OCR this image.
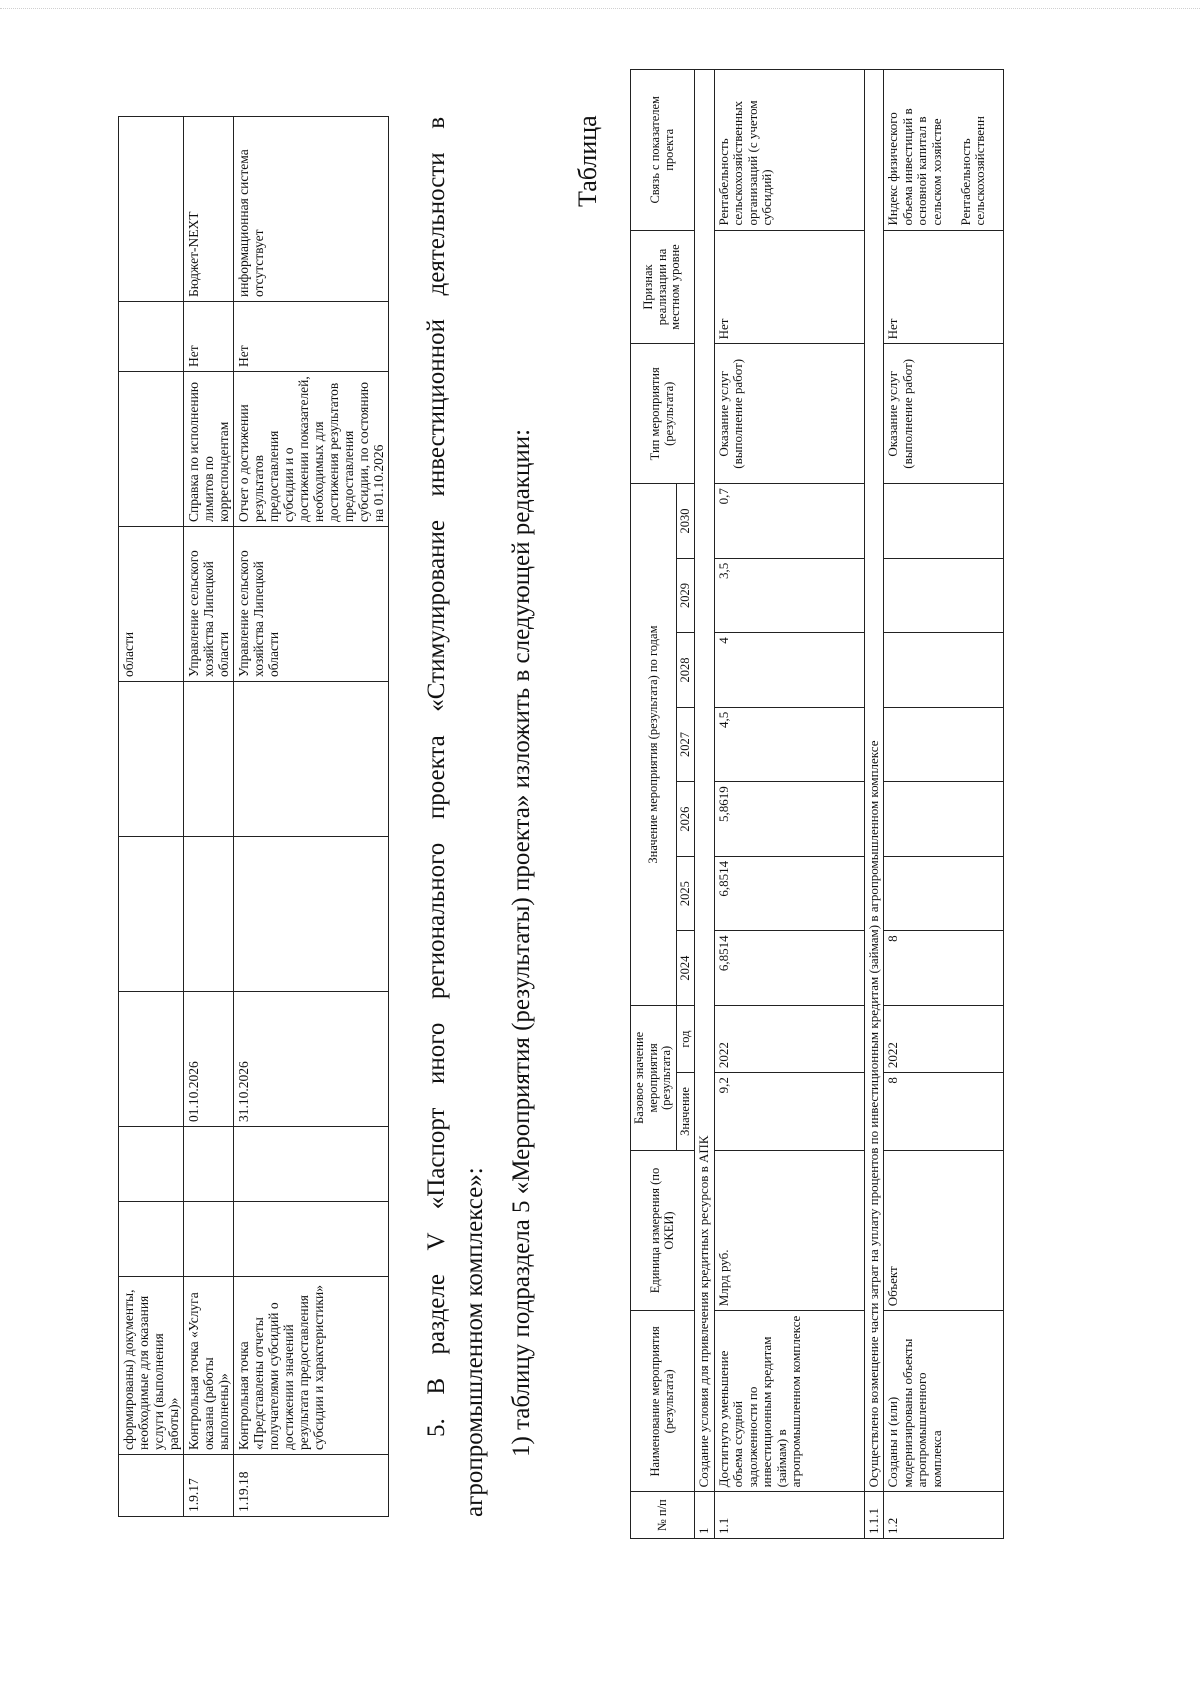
	сформированы) документы, необходимые для оказания услуги (выполнения работы)»						области			
1.9.17	Контрольная точка «Услуга оказана (работы выполнены)»			01.10.2026			Управление сельского хозяйства Липецкой области	Справка по исполнению лимитов по корреспондентам	Нет	Бюджет-NEXT
1.19.18	Контрольная точка «Представлены отчеты получателями субсидий о достижении значений результата предоставления субсидии и характеристики»			31.10.2026			Управление сельского хозяйства Липецкой области	Отчет о достижении результатов предоставления субсидии и о достижении показателей, необходимых для достижения результатов предоставления субсидии, по состоянию на 01.10.2026	Нет	информационная система отсутствует	5. В разделе V «Паспорт иного регионального проекта «Стимулирование инвестиционной деятельности в агропромышленном комплексе»: 1) таблицу подраздела 5 «Мероприятия (результаты) проекта» изложить в следующей редакции:
Таблица
№ п/п	Наименование мероприятия (результата)	Единица измерения (по ОКЕИ)	Базовое значение мероприятия (результата)		Значение мероприятия (результата) по годам							Тип мероприятия (результата)	Признак реализации на местном уровне	Связь с показателем проекта
			Значение	год	2024	2025	2026	2027	2028	2029	2030			
1	Создание условия для привлечения кредитных ресурсов в АПК													
1.1	Достигнуто уменьшение объема ссудной задолженности по инвестиционным кредитам (займам) в агропромышленном комплексе	Млрд руб.	9,2	2022	6,8514	6,8514	5,8619	4,5	4	3,5	0,7	Оказание услуг (выполнение работ)	Нет	Рентабельность сельскохозяйственных организаций (с учетом субсидий)
1.1.1	Осуществлено возмещение части затрат на уплату процентов по инвестиционным кредитам (займам) в агропромышленном комплексе													
1.2	Созданы и (или) модернизированы объекты агропромышленного комплекса	Объект	8	2022	8							Оказание услуг (выполнение работ)	Нет	Индекс физического объема инвестиций в основной капитал в сельском хозяйстве

Рентабельность сельскохозяйственн
